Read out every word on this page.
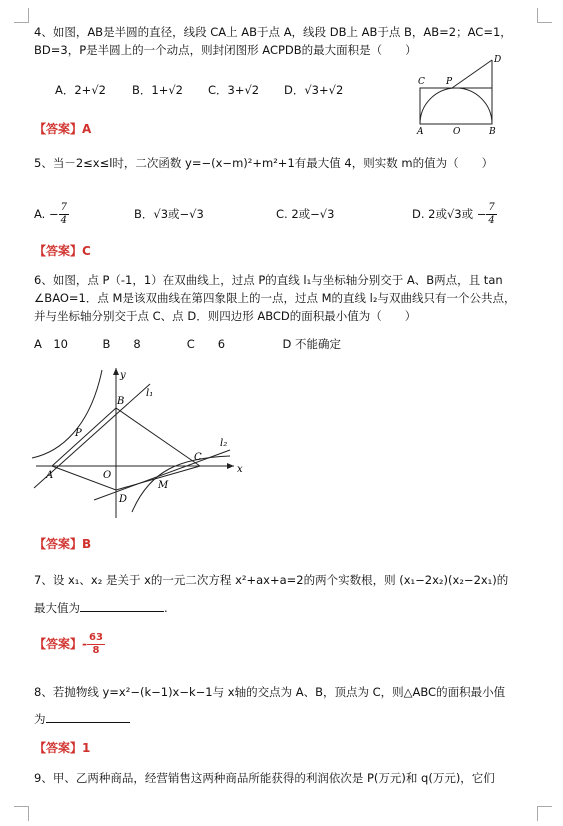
4、如图，AB是半圆的直径，线段 CA上 AB于点 A，线段 DB上 AB于点 B，AB=2；AC=1，
BD=3，P是半圆上的一个动点，则封闭图形 ACPDB的最大面积是（　　）
A．2+√2 B．1+√2 C．3+√2 D．√3+√2
C P
D
A	O	B
【答案】A
5、当－2≤x≤l时，二次函数 y=−(x−m)²+m²+1有最大值 4，则实数 m的值为（　　）
A. − $\frac{7}{4}$	B．√3或−√3	C. 2或−√3	D. 2或√3或 − $\frac{7}{4}$
【答案】C
6、如图，点 P（-1，1）在双曲线上，过点 P的直线 l₁与坐标轴分别交于 A、B两点，且 tan
∠BAO=1．点 M是该双曲线在第四象限上的一点，过点 M的直线 l₂与双曲线只有一个公共点，
并与坐标轴分别交于点 C、点 D．则四边形 ABCD的面积最小值为（　　）
A　10　　　B　　8　　　　C　　6　　　　　D 不能确定
x
y
l₁
l₂
B
P
C
A	O
D
M
【答案】B
7、设 x₁、x₂ 是关于 x的一元二次方程 x²+ax+a=2的两个实数根，则 (x₁−2x₂)(x₂−2x₁)的
最大值为	.
【答案】- $\frac{63}{8}$
8、若抛物线 y=x²−(k−1)x−k−1与 x轴的交点为 A、B，顶点为 C，则△ABC的面积最小值
为
【答案】1
9、甲、乙两种商品，经营销售这两种商品所能获得的利润依次是 P(万元)和 q(万元)，它们
